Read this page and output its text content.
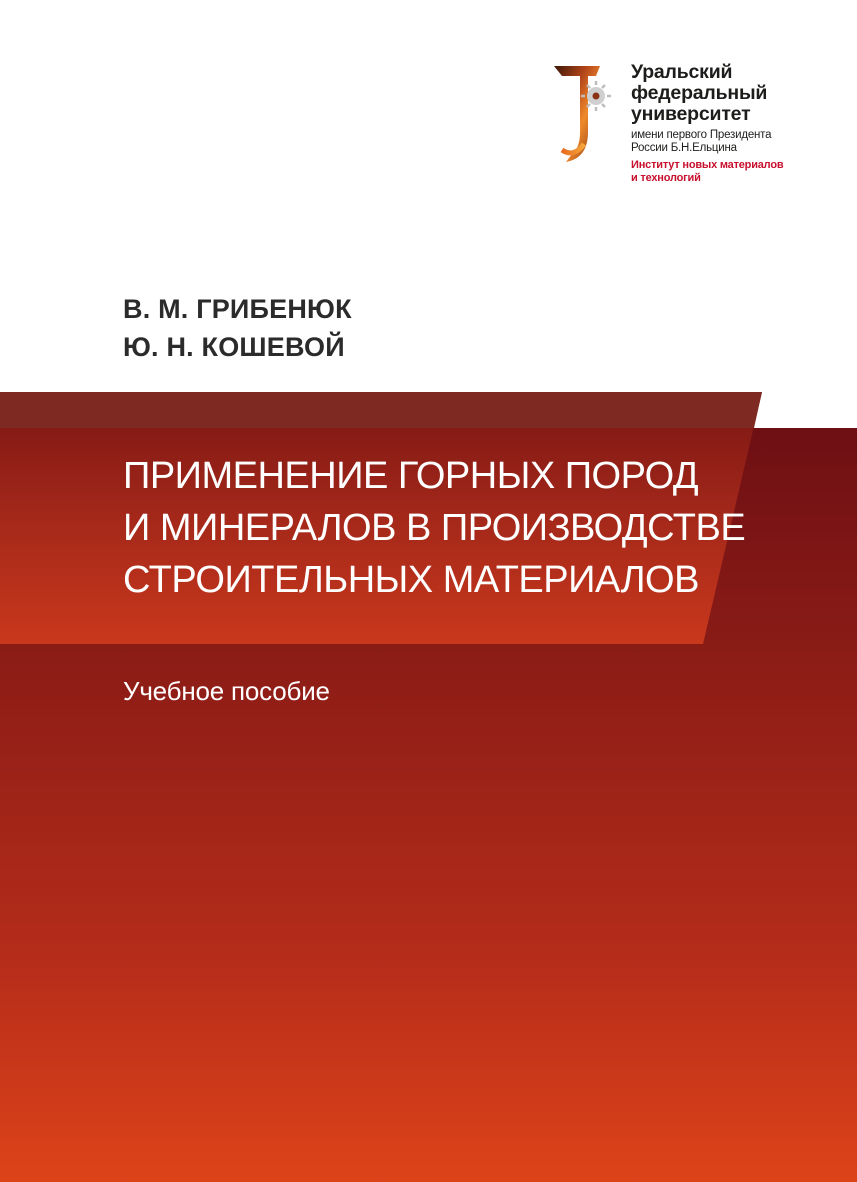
Уральский
федеральный
университет
имени первого Президента
России Б.Н.Ельцина
Институт новых материалов
и технологий
В. М. ГРИБЕНЮК
Ю. Н. КОШЕВОЙ
ПРИМЕНЕНИЕ ГОРНЫХ ПОРОД
И МИНЕРАЛОВ В ПРОИЗВОДСТВЕ
СТРОИТЕЛЬНЫХ МАТЕРИАЛОВ
Учебное пособие
